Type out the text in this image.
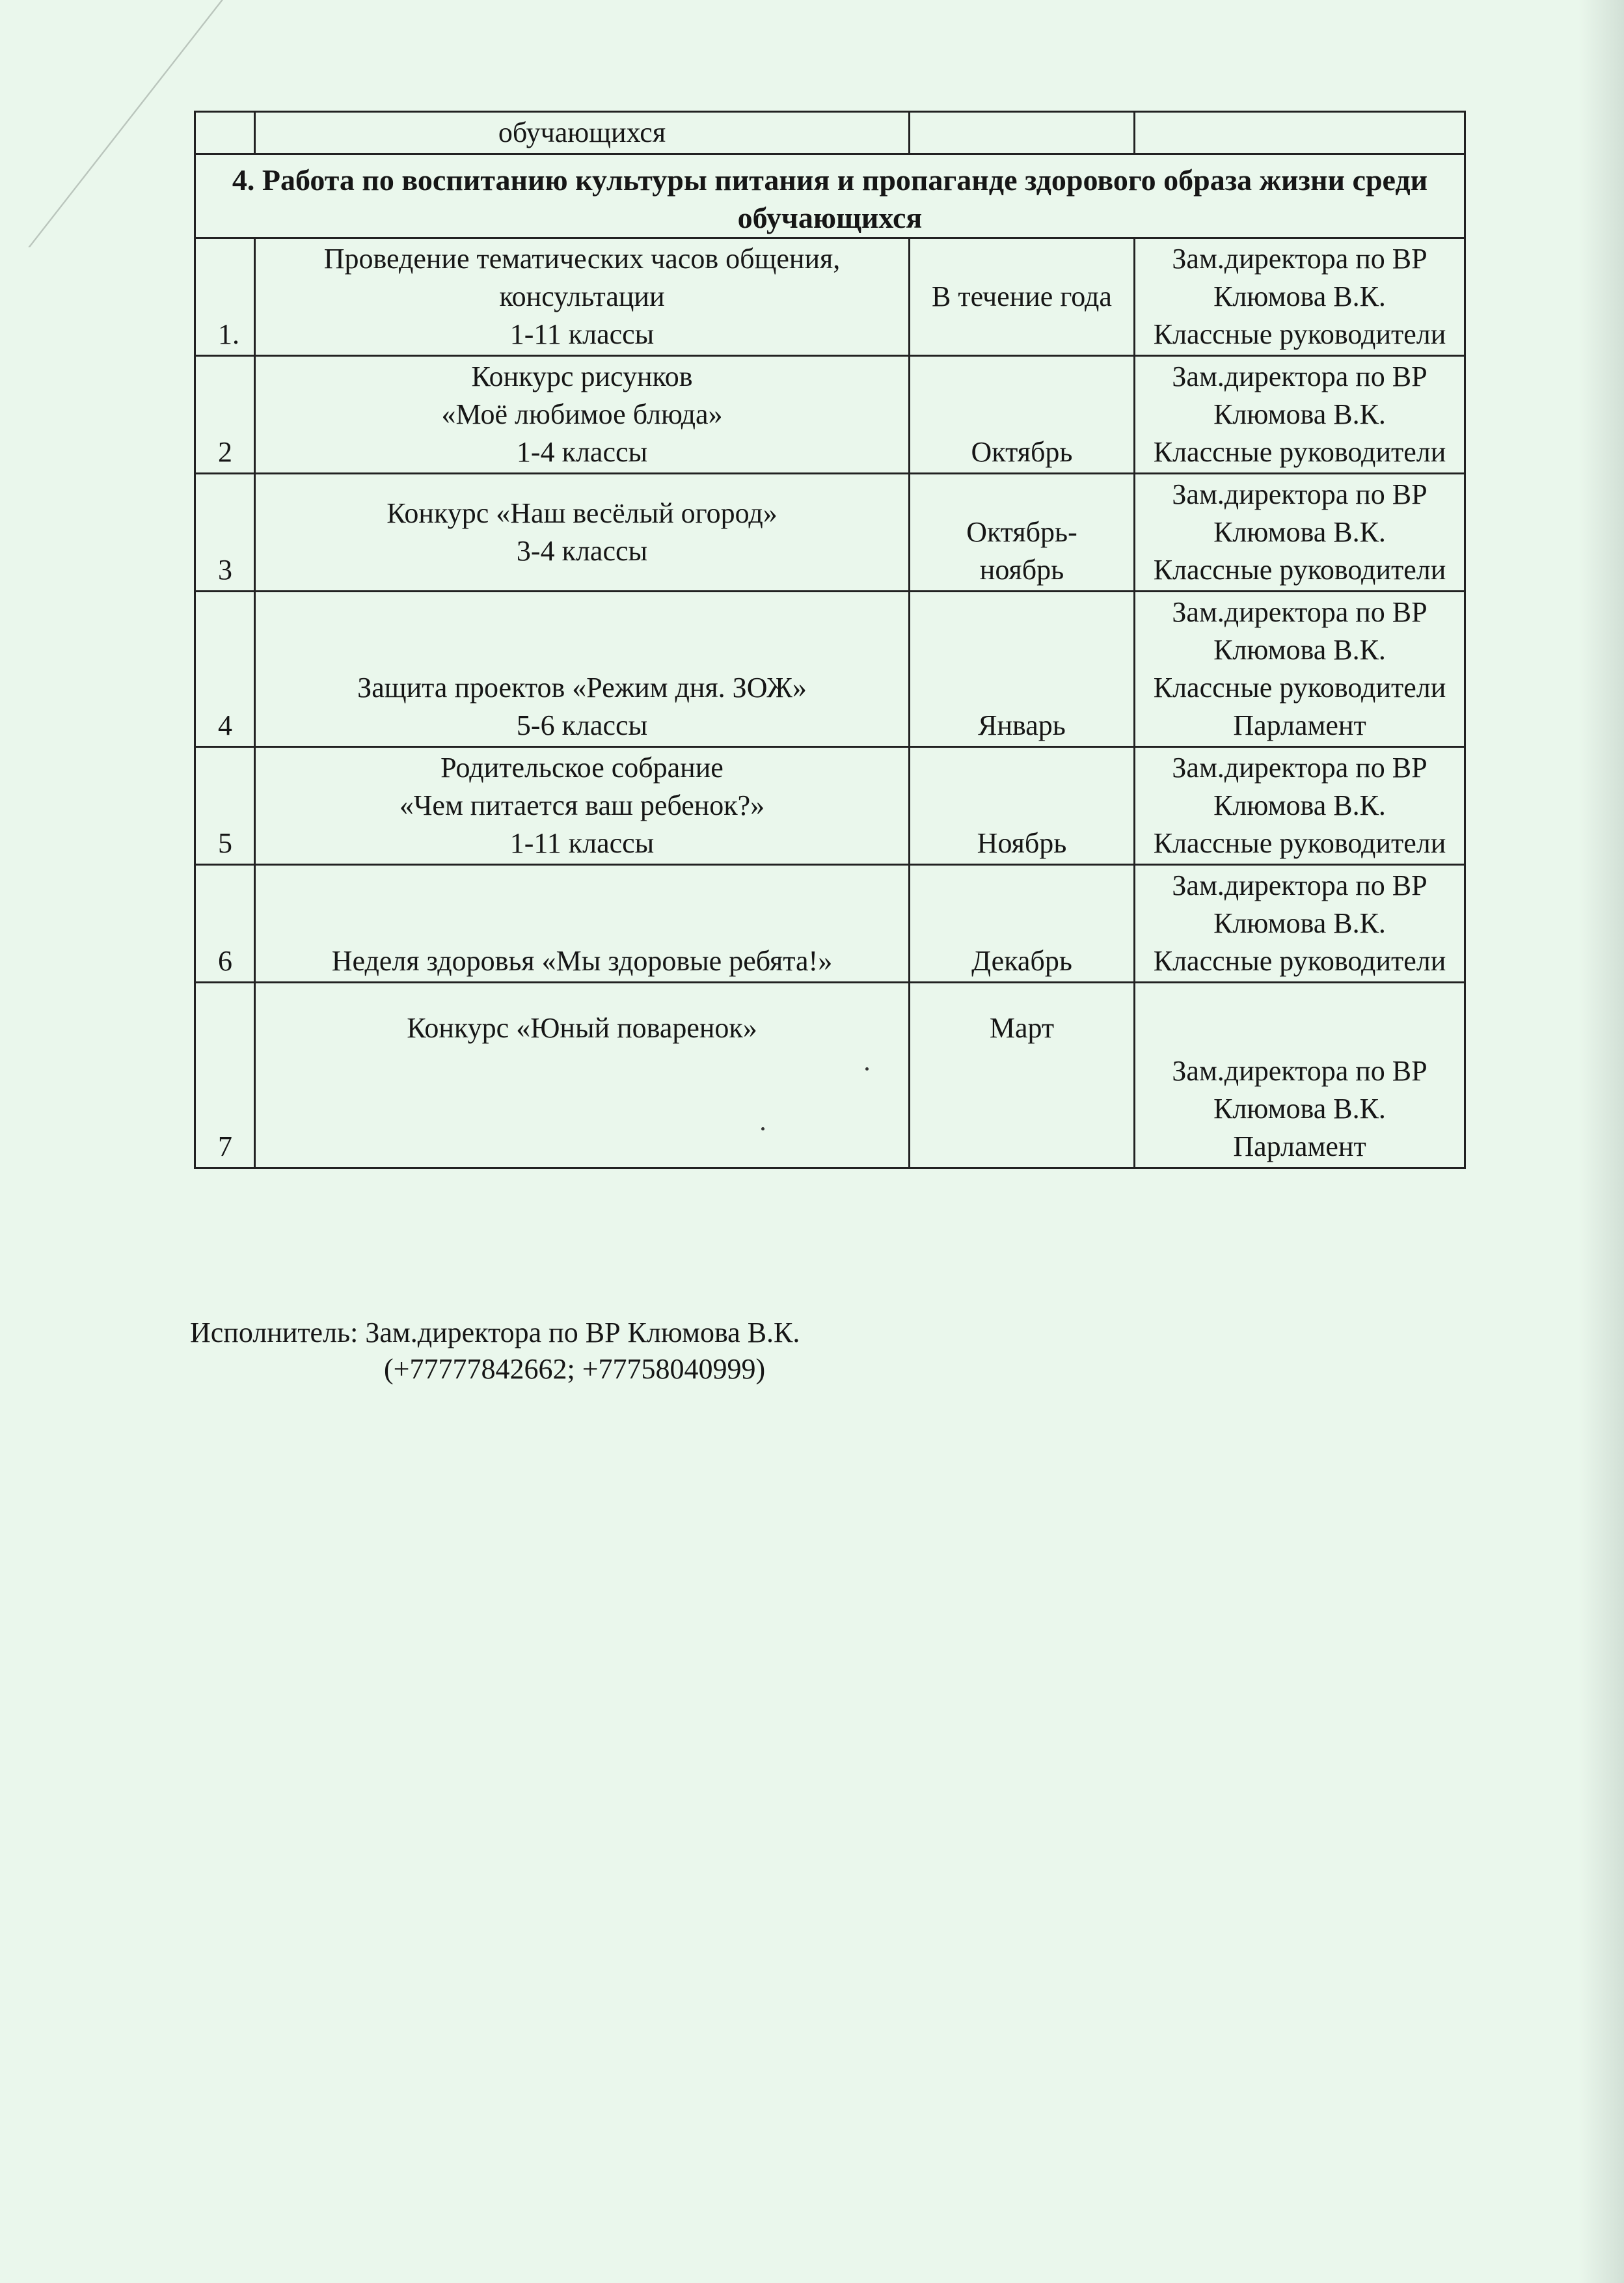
	обучающихся		
4. Работа по воспитанию культуры питания и пропаганде здорового образа жизни среди обучающихся			
1.	Проведение тематических часов общения,
консультации
1-11 классы	В течение года	Зам.директора по ВР
Клюмова В.К.
Классные руководители

2	Конкурс рисунков
«Моё любимое блюда»
1-4 классы	Октябрь	Зам.директора по ВР
Клюмова В.К.
Классные руководители

3	Конкурс «Наш весёлый огород»
3-4 классы	Октябрь-
ноябрь	Зам.директора по ВР
Клюмова В.К.
Классные руководители

4	Защита проектов «Режим дня. ЗОЖ»
5-6 классы	Январь	Зам.директора по ВР
Клюмова В.К.
Классные руководители
Парламент

5	Родительское собрание
«Чем питается ваш ребенок?»
1-11 классы	Ноябрь	Зам.директора по ВР
Клюмова В.К.
Классные руководители

6	Неделя здоровья «Мы здоровые ребята!»	Декабрь	Зам.директора по ВР
Клюмова В.К.
Классные руководители

7	Конкурс «Юный поваренок»	Март	Зам.директора по ВР
Клюмова В.К.
Парламент
Исполнитель: Зам.директора по ВР Клюмова В.К.
(+77777842662; +77758040999)
